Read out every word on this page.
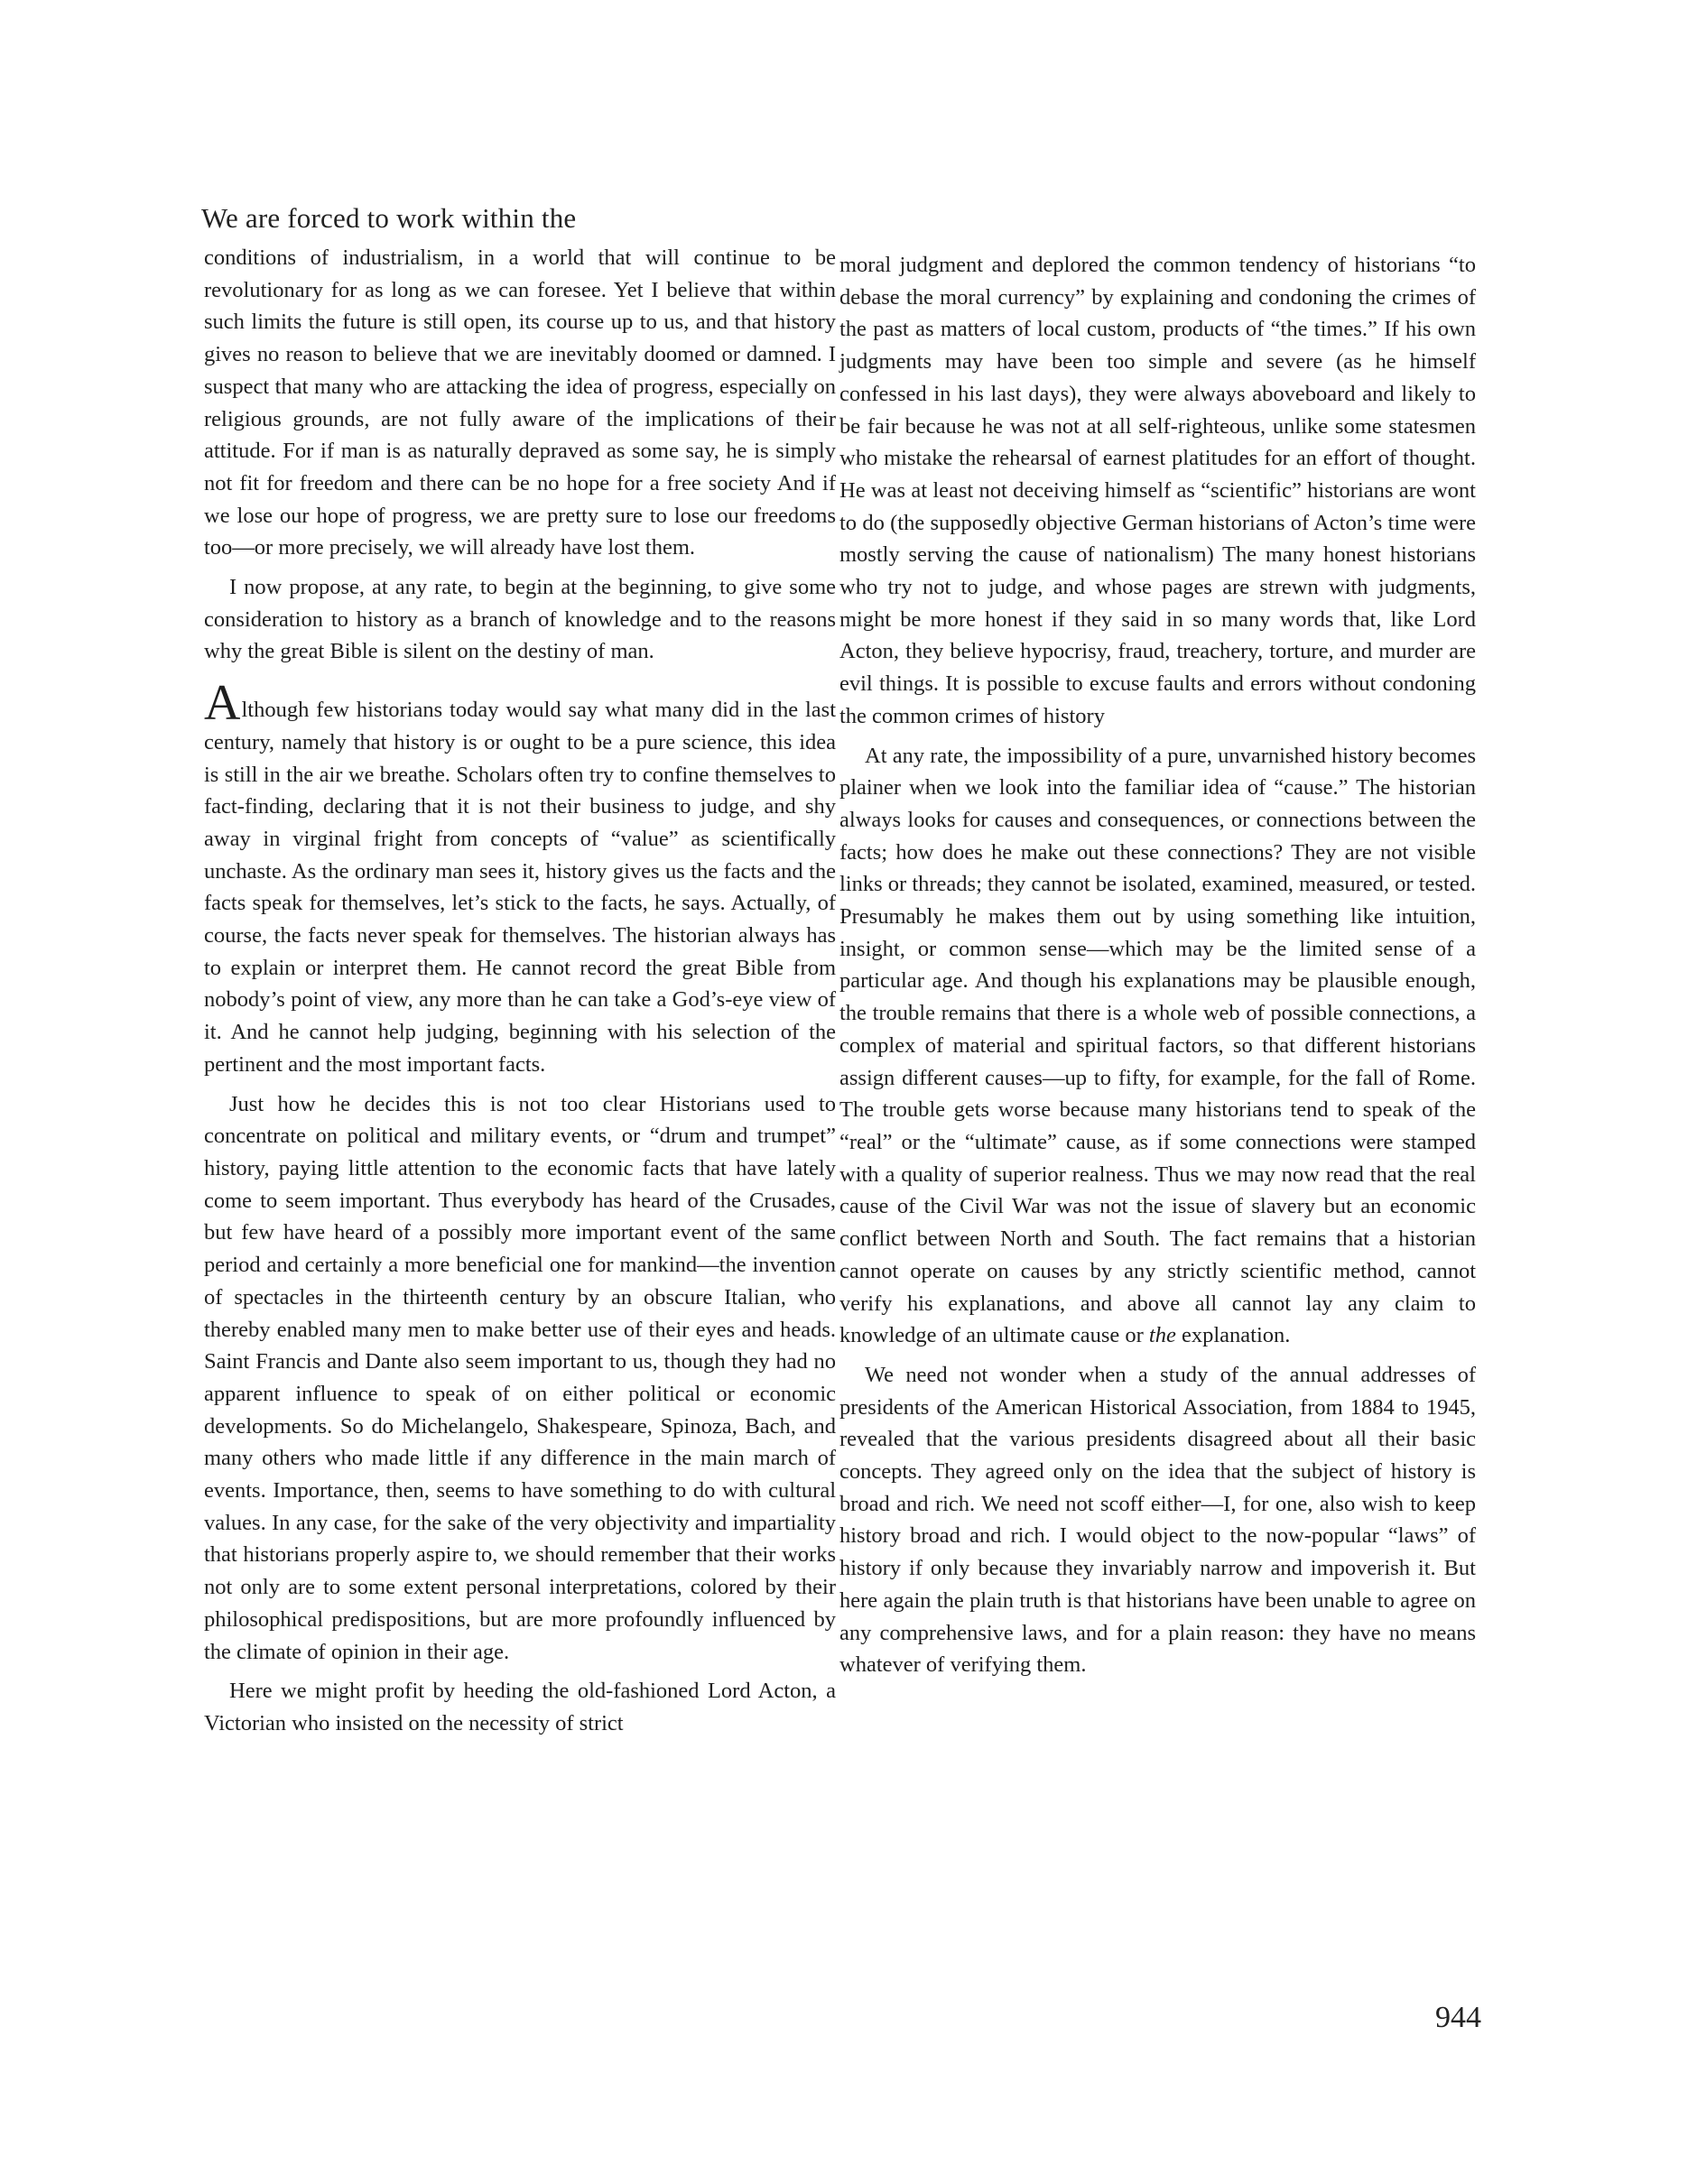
We are forced to work within the

conditions of industrialism, in a world that will continue to be revolutionary for as long as we can foresee. Yet I believe that within such limits the future is still open, its course up to us, and that history gives no reason to believe that we are inevitably doomed or damned. I suspect that many who are attacking the idea of progress, especially on religious grounds, are not fully aware of the implications of their attitude. For if man is as naturally depraved as some say, he is simply not fit for freedom and there can be no hope for a free society And if we lose our hope of progress, we are pretty sure to lose our freedoms too—or more precisely, we will already have lost them.

I now propose, at any rate, to begin at the beginning, to give some consideration to history as a branch of knowledge and to the reasons why the great Bible is silent on the destiny of man.

Although few historians today would say what many did in the last century, namely that history is or ought to be a pure science, this idea is still in the air we breathe. Scholars often try to confine themselves to fact-finding, declaring that it is not their business to judge, and shy away in virginal fright from concepts of “value” as scientifically unchaste. As the ordinary man sees it, history gives us the facts and the facts speak for themselves, let’s stick to the facts, he says. Actually, of course, the facts never speak for themselves. The historian always has to explain or interpret them. He cannot record the great Bible from nobody’s point of view, any more than he can take a God’s-eye view of it. And he cannot help judging, beginning with his selection of the pertinent and the most important facts.

Just how he decides this is not too clear Historians used to concentrate on political and military events, or “drum and trumpet” history, paying little attention to the economic facts that have lately come to seem important. Thus everybody has heard of the Crusades, but few have heard of a possibly more important event of the same period and certainly a more beneficial one for mankind—the invention of spectacles in the thirteenth century by an obscure Italian, who thereby enabled many men to make better use of their eyes and heads. Saint Francis and Dante also seem important to us, though they had no apparent influence to speak of on either political or economic developments. So do Michelangelo, Shakespeare, Spinoza, Bach, and many others who made little if any difference in the main march of events. Importance, then, seems to have something to do with cultural values. In any case, for the sake of the very objectivity and impartiality that historians properly aspire to, we should remember that their works not only are to some extent personal interpretations, colored by their philosophical predispositions, but are more profoundly influenced by the climate of opinion in their age.

Here we might profit by heeding the old-fashioned Lord Acton, a Victorian who insisted on the necessity of strict

moral judgment and deplored the common tendency of historians “to debase the moral currency” by explaining and condoning the crimes of the past as matters of local custom, products of “the times.” If his own judgments may have been too simple and severe (as he himself confessed in his last days), they were always aboveboard and likely to be fair because he was not at all self-righteous, unlike some statesmen who mistake the rehearsal of earnest platitudes for an effort of thought. He was at least not deceiving himself as “scientific” historians are wont to do (the supposedly objective German historians of Acton’s time were mostly serving the cause of nationalism) The many honest historians who try not to judge, and whose pages are strewn with judgments, might be more honest if they said in so many words that, like Lord Acton, they believe hypocrisy, fraud, treachery, torture, and murder are evil things. It is possible to excuse faults and errors without condoning the common crimes of history

At any rate, the impossibility of a pure, unvarnished history becomes plainer when we look into the familiar idea of “cause.” The historian always looks for causes and consequences, or connections between the facts; how does he make out these connections? They are not visible links or threads; they cannot be isolated, examined, measured, or tested. Presumably he makes them out by using something like intuition, insight, or common sense—which may be the limited sense of a particular age. And though his explanations may be plausible enough, the trouble remains that there is a whole web of possible connections, a complex of material and spiritual factors, so that different historians assign different causes—up to fifty, for example, for the fall of Rome. The trouble gets worse because many historians tend to speak of the “real” or the “ultimate” cause, as if some connections were stamped with a quality of superior realness. Thus we may now read that the real cause of the Civil War was not the issue of slavery but an economic conflict between North and South. The fact remains that a historian cannot operate on causes by any strictly scientific method, cannot verify his explanations, and above all cannot lay any claim to knowledge of an ultimate cause or the explanation.

We need not wonder when a study of the annual addresses of presidents of the American Historical Association, from 1884 to 1945, revealed that the various presidents disagreed about all their basic concepts. They agreed only on the idea that the subject of history is broad and rich. We need not scoff either—I, for one, also wish to keep history broad and rich. I would object to the now-popular “laws” of history if only because they invariably narrow and impoverish it. But here again the plain truth is that historians have been unable to agree on any comprehensive laws, and for a plain reason: they have no means whatever of verifying them.

944
